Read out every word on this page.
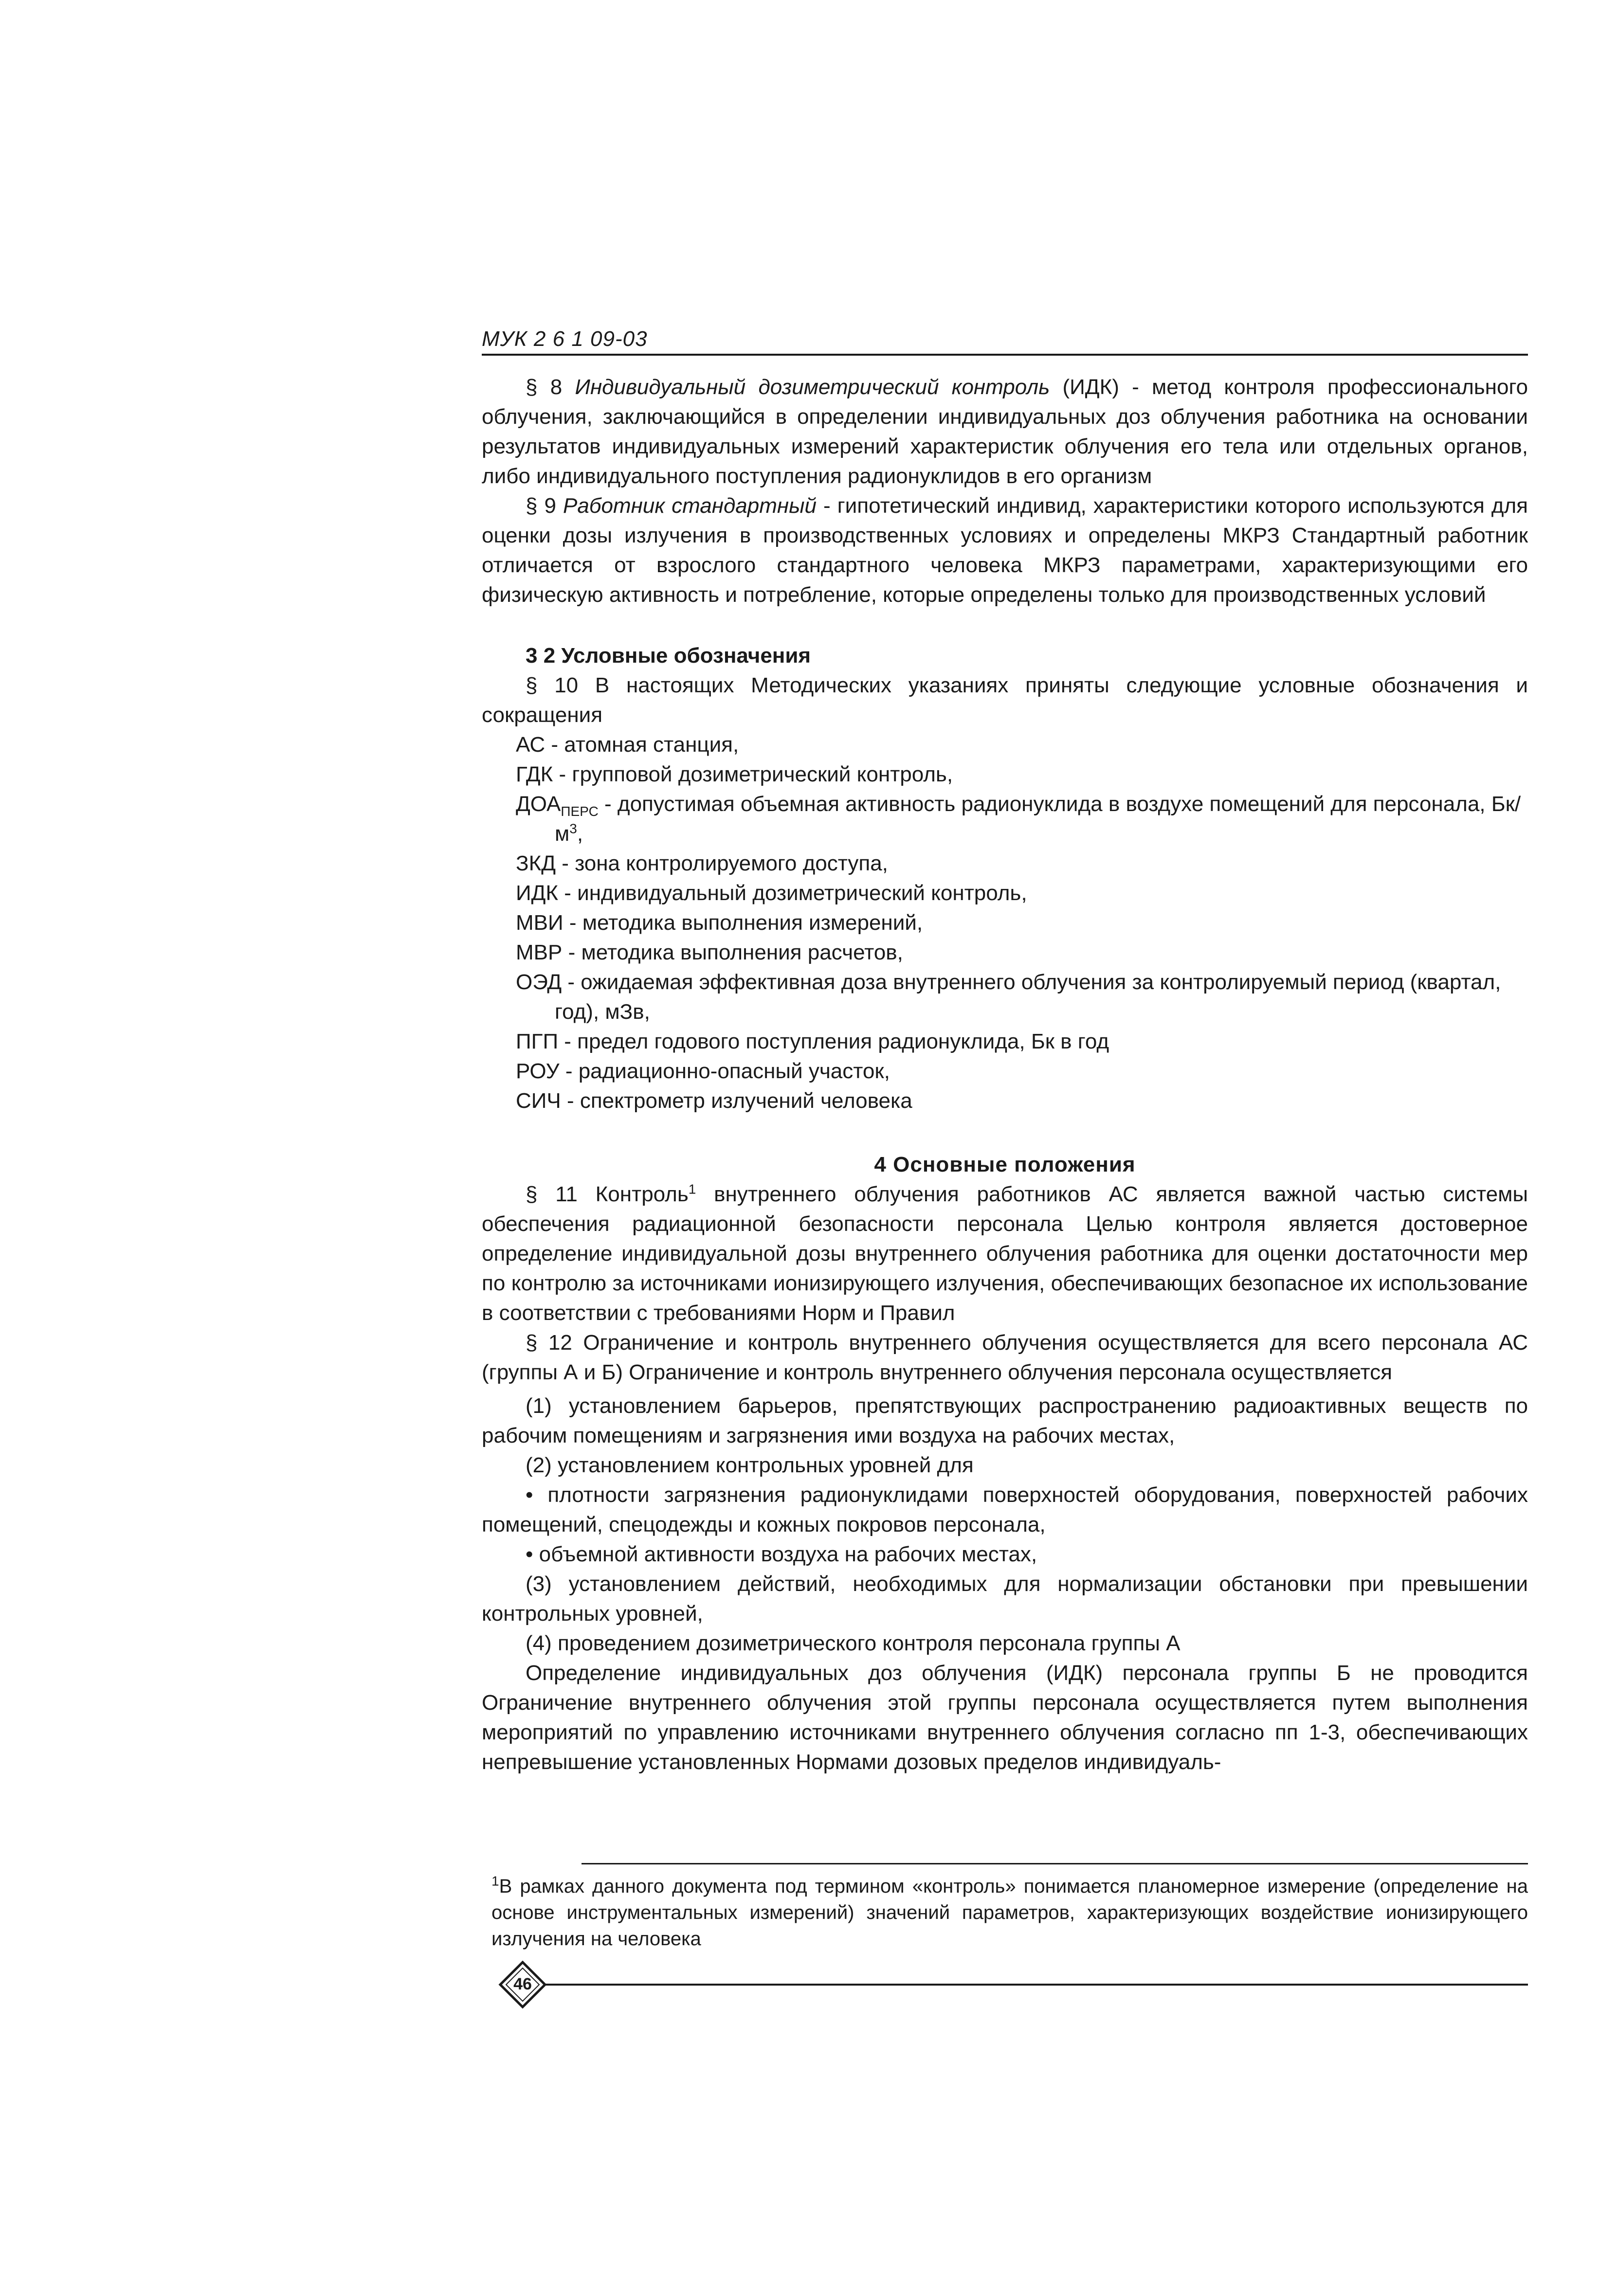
МУК 2 6 1 09-03

§ 8 Индивидуальный дозиметрический контроль (ИДК) - метод контроля профессионального облучения, заключающийся в определении индивидуальных доз облучения работника на основании результатов индивидуальных измерений характеристик облучения его тела или отдельных органов, либо индивидуального поступления радионуклидов в его организм

§ 9 Работник стандартный - гипотетический индивид, характеристики которого используются для оценки дозы излучения в производственных условиях и определены МКРЗ Стандартный работник отличается от взрослого стандартного человека МКРЗ параметрами, характеризующими его физическую активность и потребление, которые определены только для производственных условий

3 2 Условные обозначения

§ 10 В настоящих Методических указаниях приняты следующие условные обозначения и сокращения

АС - атомная станция,

ГДК - групповой дозиметрический контроль,

$ДОА_{ПЕРС}$ - допустимая объемная активность радионуклида в воздухе помещений для персонала, $Бк/м^3$,

ЗКД - зона контролируемого доступа,

ИДК - индивидуальный дозиметрический контроль,

МВИ - методика выполнения измерений,

МВР - методика выполнения расчетов,

ОЭД - ожидаемая эффективная доза внутреннего облучения за контролируемый период (квартал, год), мЗв,

ПГП - предел годового поступления радионуклида, Бк в год

РОУ - радиационно-опасный участок,

СИЧ - спектрометр излучений человека

4 Основные положения

§ 11 Контроль$^1$ внутреннего облучения работников АС является важной частью системы обеспечения радиационной безопасности персонала Целью контроля является достоверное определение индивидуальной дозы внутреннего облучения работника для оценки достаточности мер по контролю за источниками ионизирующего излучения, обеспечивающих безопасное их использование в соответствии с требованиями Норм и Правил

§ 12 Ограничение и контроль внутреннего облучения осуществляется для всего персонала АС (группы А и Б) Ограничение и контроль внутреннего облучения персонала осуществляется

(1) установлением барьеров, препятствующих распространению радиоактивных веществ по рабочим помещениям и загрязнения ими воздуха на рабочих местах,

(2) установлением контрольных уровней для

• плотности загрязнения радионуклидами поверхностей оборудования, поверхностей рабочих помещений, спецодежды и кожных покровов персонала,

• объемной активности воздуха на рабочих местах,

(3) установлением действий, необходимых для нормализации обстановки при превышении контрольных уровней,

(4) проведением дозиметрического контроля персонала группы А

Определение индивидуальных доз облучения (ИДК) персонала группы Б не проводится Ограничение внутреннего облучения этой группы персонала осуществляется путем выполнения мероприятий по управлению источниками внутреннего облучения согласно пп 1-3, обеспечивающих непревышение установленных Нормами дозовых пределов индивидуаль-

$^1$В рамках данного документа под термином «контроль» понимается планомерное измерение (определение на основе инструментальных измерений) значений параметров, характеризующих воздействие ионизирующего излучения на человека
46
